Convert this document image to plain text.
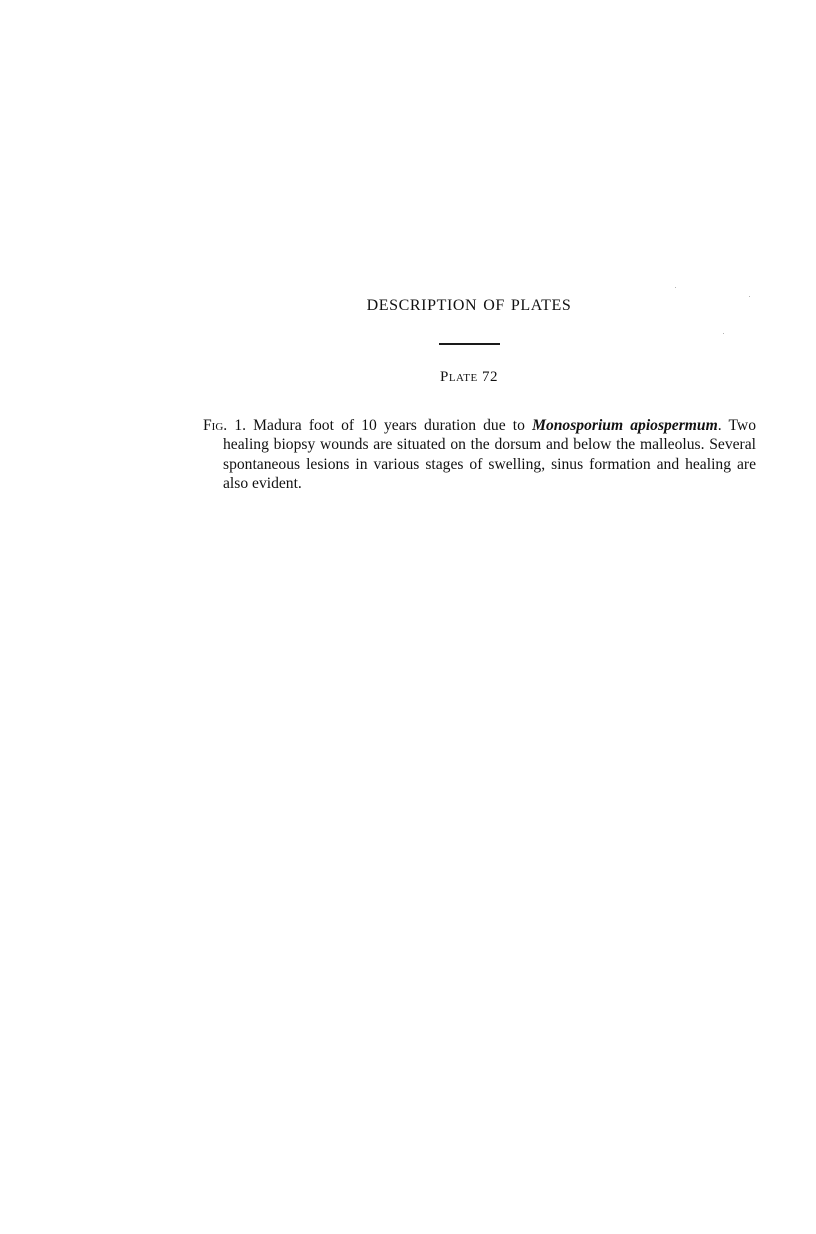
DESCRIPTION OF PLATES
Plate 72

Fig. 1. Madura foot of 10 years duration due to Monosporium apiospermum. Two healing biopsy wounds are situated on the dorsum and below the malleolus. Several spontaneous lesions in various stages of swelling, sinus formation and healing are also evident.
